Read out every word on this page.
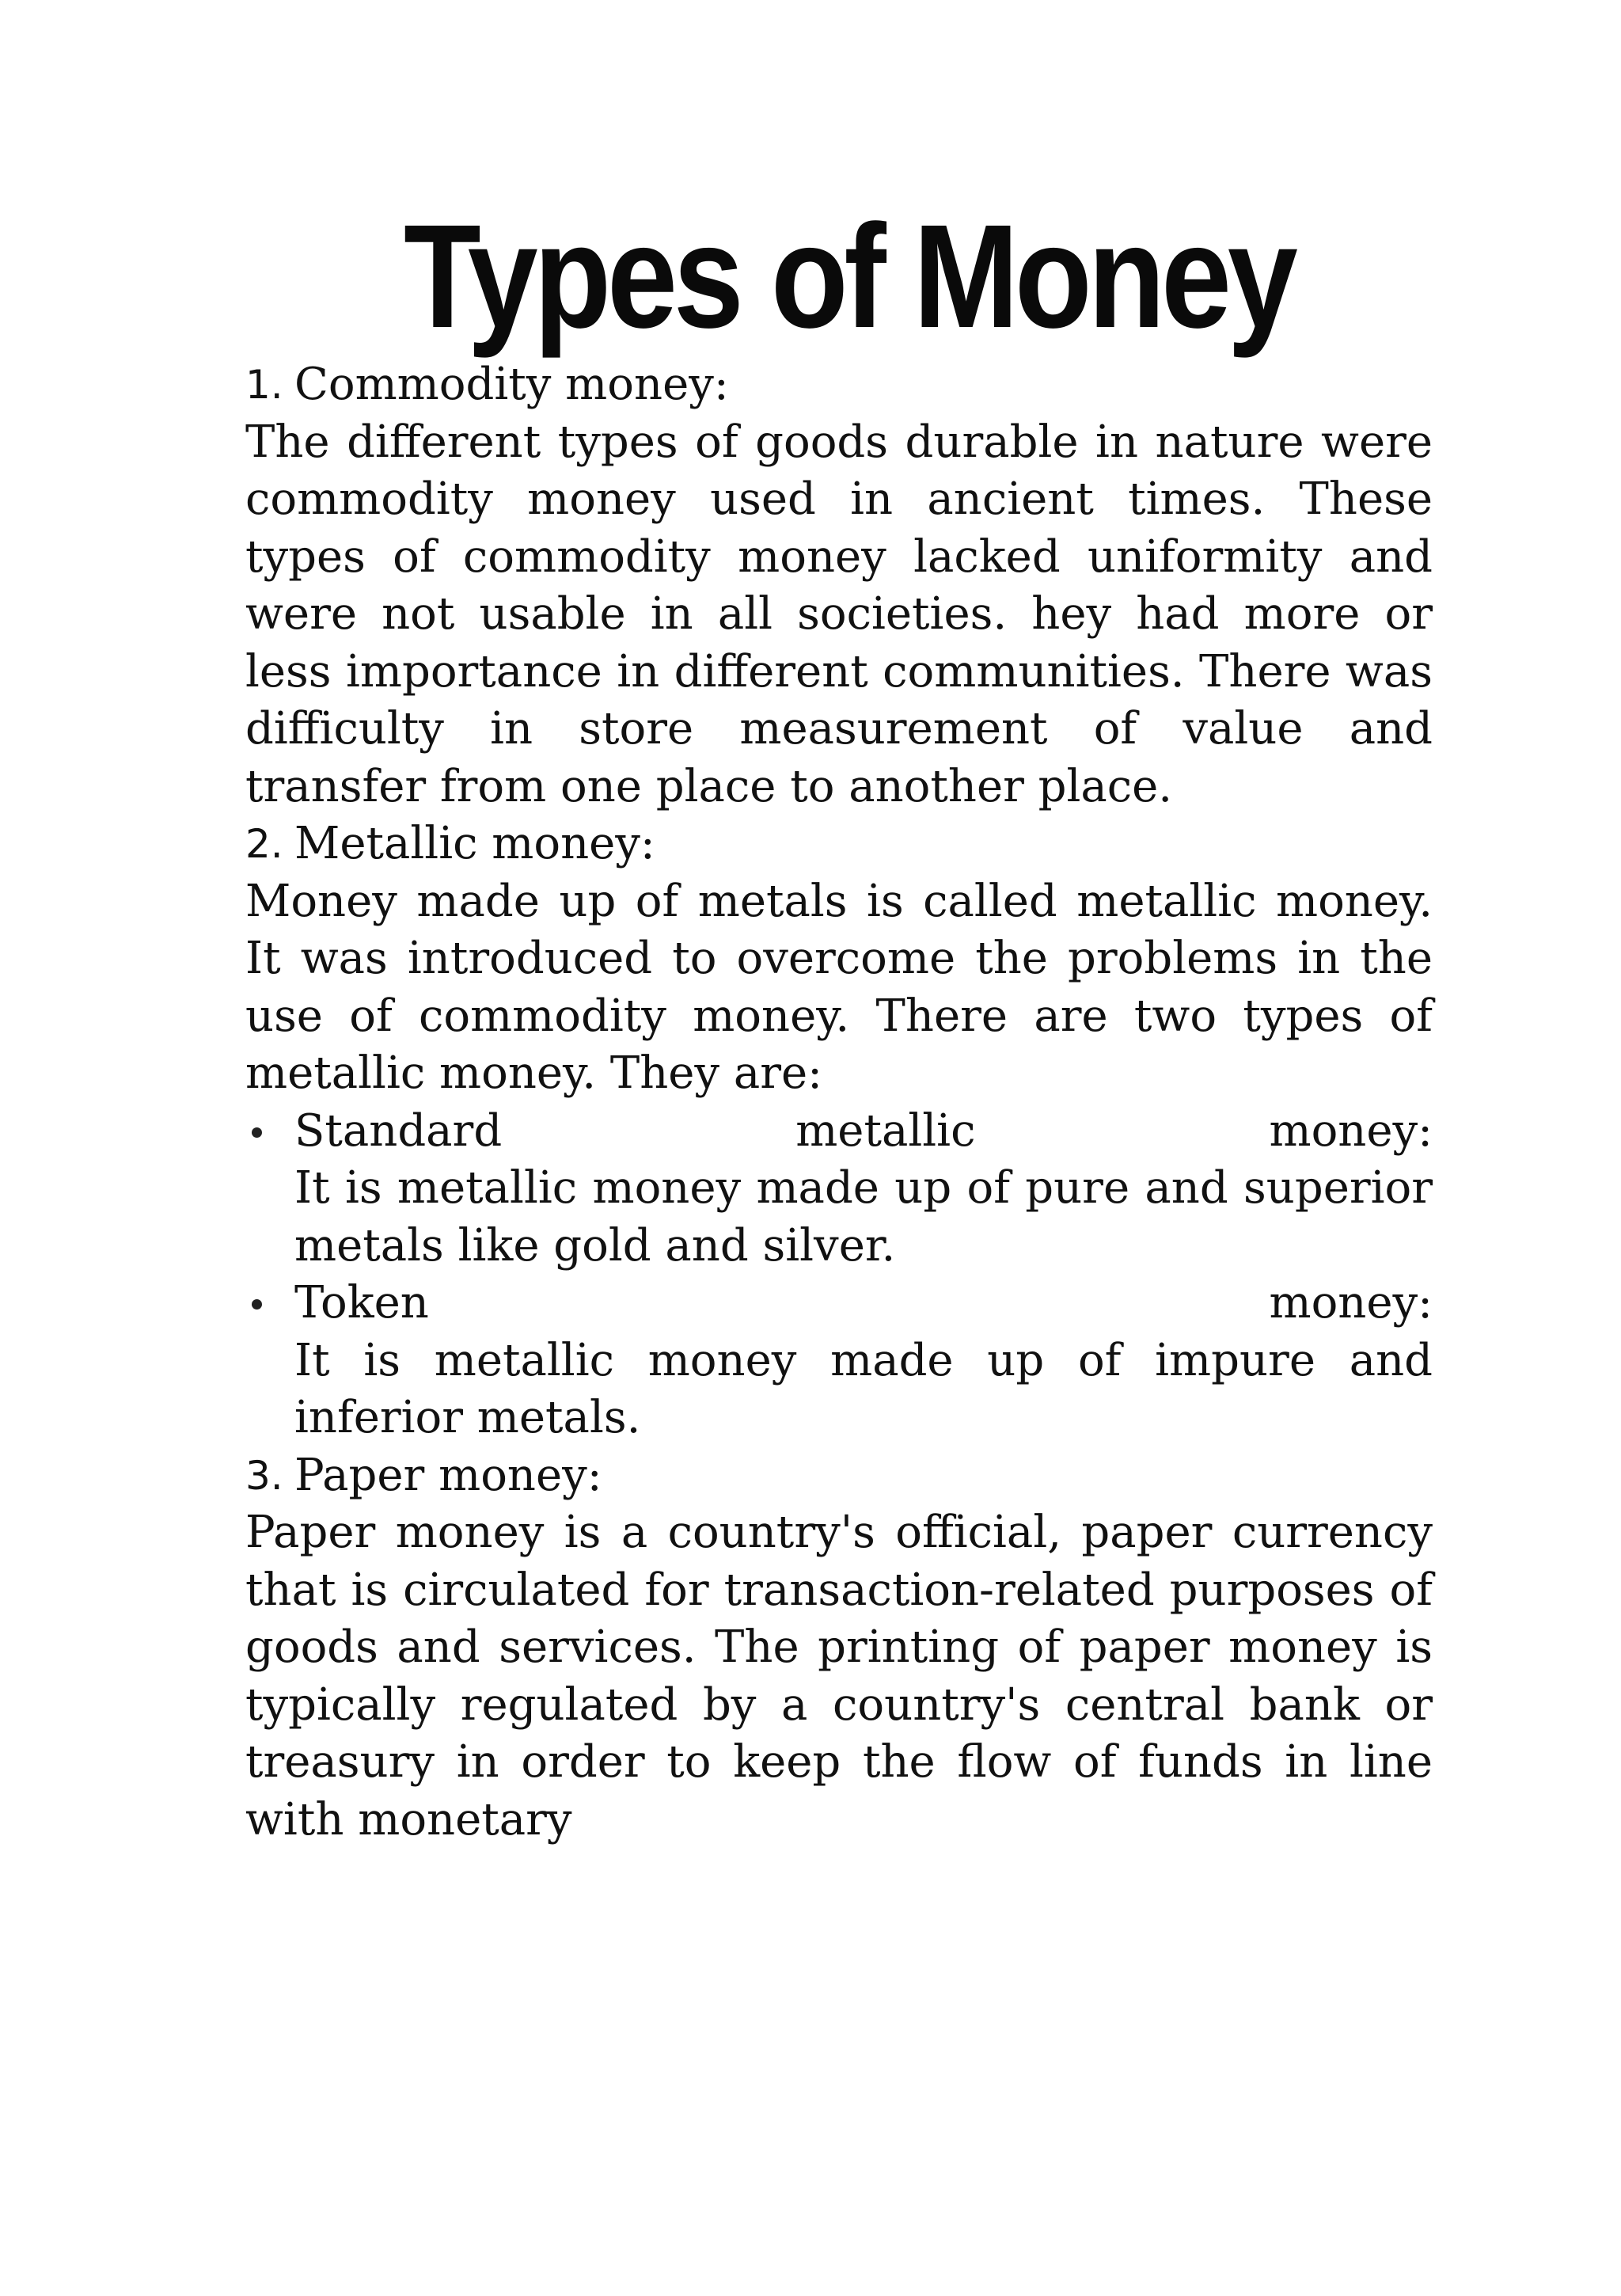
Types of Money
1. Commodity money:

The different types of goods durable in nature were commodity money used in ancient times. These types of commodity money lacked uniformity and were not usable in all societies. hey had more or less importance in different communities. There was difficulty in store measurement of value and transfer from one place to another place.

2. Metallic money:

Money made up of metals is called metallic money. It was introduced to overcome the problems in the use of commodity money. There are two types of metallic money. They are:

Standard	metallic	money:

It is metallic money made up of pure and superior metals like gold and silver.

Token	money:

It is metallic money made up of impure and inferior metals.

3. Paper money:

Paper money is a country's official, paper currency that is circulated for transaction-related purposes of goods and services. The printing of paper money is typically regulated by a country's central bank or treasury in order to keep the flow of funds in line with monetary
